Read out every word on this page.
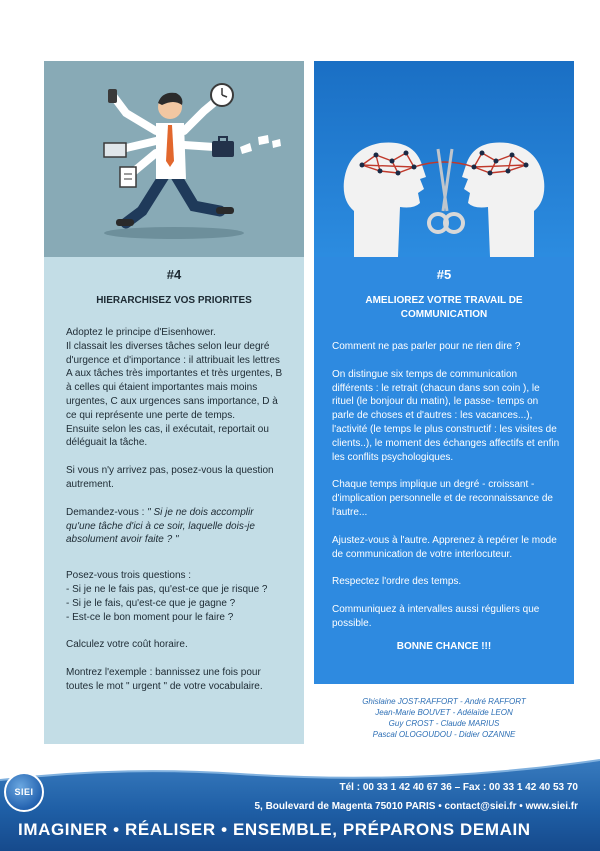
#4
HIERARCHISEZ VOS PRIORITES

Adoptez le principe d'Eisenhower.
Il classait les diverses tâches selon leur degré d'urgence et d'importance : il attribuait les lettres A aux tâches très importantes et très urgentes, B à celles qui étaient importantes mais moins urgentes, C aux urgences sans importance, D à ce qui représente une perte de temps.
Ensuite selon les cas, il exécutait, reportait ou déléguait la tâche.

Si vous n'y arrivez pas, posez-vous la question autrement.

Demandez-vous : " Si je ne dois accomplir qu'une tâche d'ici à ce soir, laquelle dois-je absolument avoir faite ? "

Posez-vous trois questions :
- Si je ne le fais pas, qu'est-ce que je risque ?
- Si je le fais, qu'est-ce que je gagne ?
- Est-ce le bon moment pour le faire ?

Calculez votre coût horaire.

Montrez l'exemple : bannissez une fois pour toutes le mot " urgent " de votre vocabulaire.

#5
AMELIOREZ VOTRE TRAVAIL DE COMMUNICATION

Comment ne pas parler pour ne rien dire ?

On distingue six temps de communication différents : le retrait (chacun dans son coin ), le rituel (le bonjour du matin), le passe- temps on parle de choses et d'autres : les vacances...), l'activité (le temps le plus constructif : les visites de clients..), le moment des échanges affectifs et enfin les conflits psychologiques.

Chaque temps implique un degré - croissant - d'implication personnelle et de reconnaissance de l'autre...

Ajustez-vous à l'autre. Apprenez à repérer le mode de communication de votre interlocuteur.

Respectez l'ordre des temps.

Communiquez à intervalles aussi réguliers que possible.

BONNE CHANCE !!!
Ghislaine JOST-RAFFORT - André RAFFORT
Jean-Marie BOUVET - Adélaïde LEON
Guy CROST - Claude MARIUS
Pascal OLOGOUDOU - Didier OZANNE
SIEI	Tél : 00 33 1 42 40 67 36 – Fax : 00 33 1 42 40 53 70
5, Boulevard de Magenta 75010 PARIS • contact@siei.fr • www.siei.fr
IMAGINER • RÉALISER • ENSEMBLE, PRÉPARONS DEMAIN
